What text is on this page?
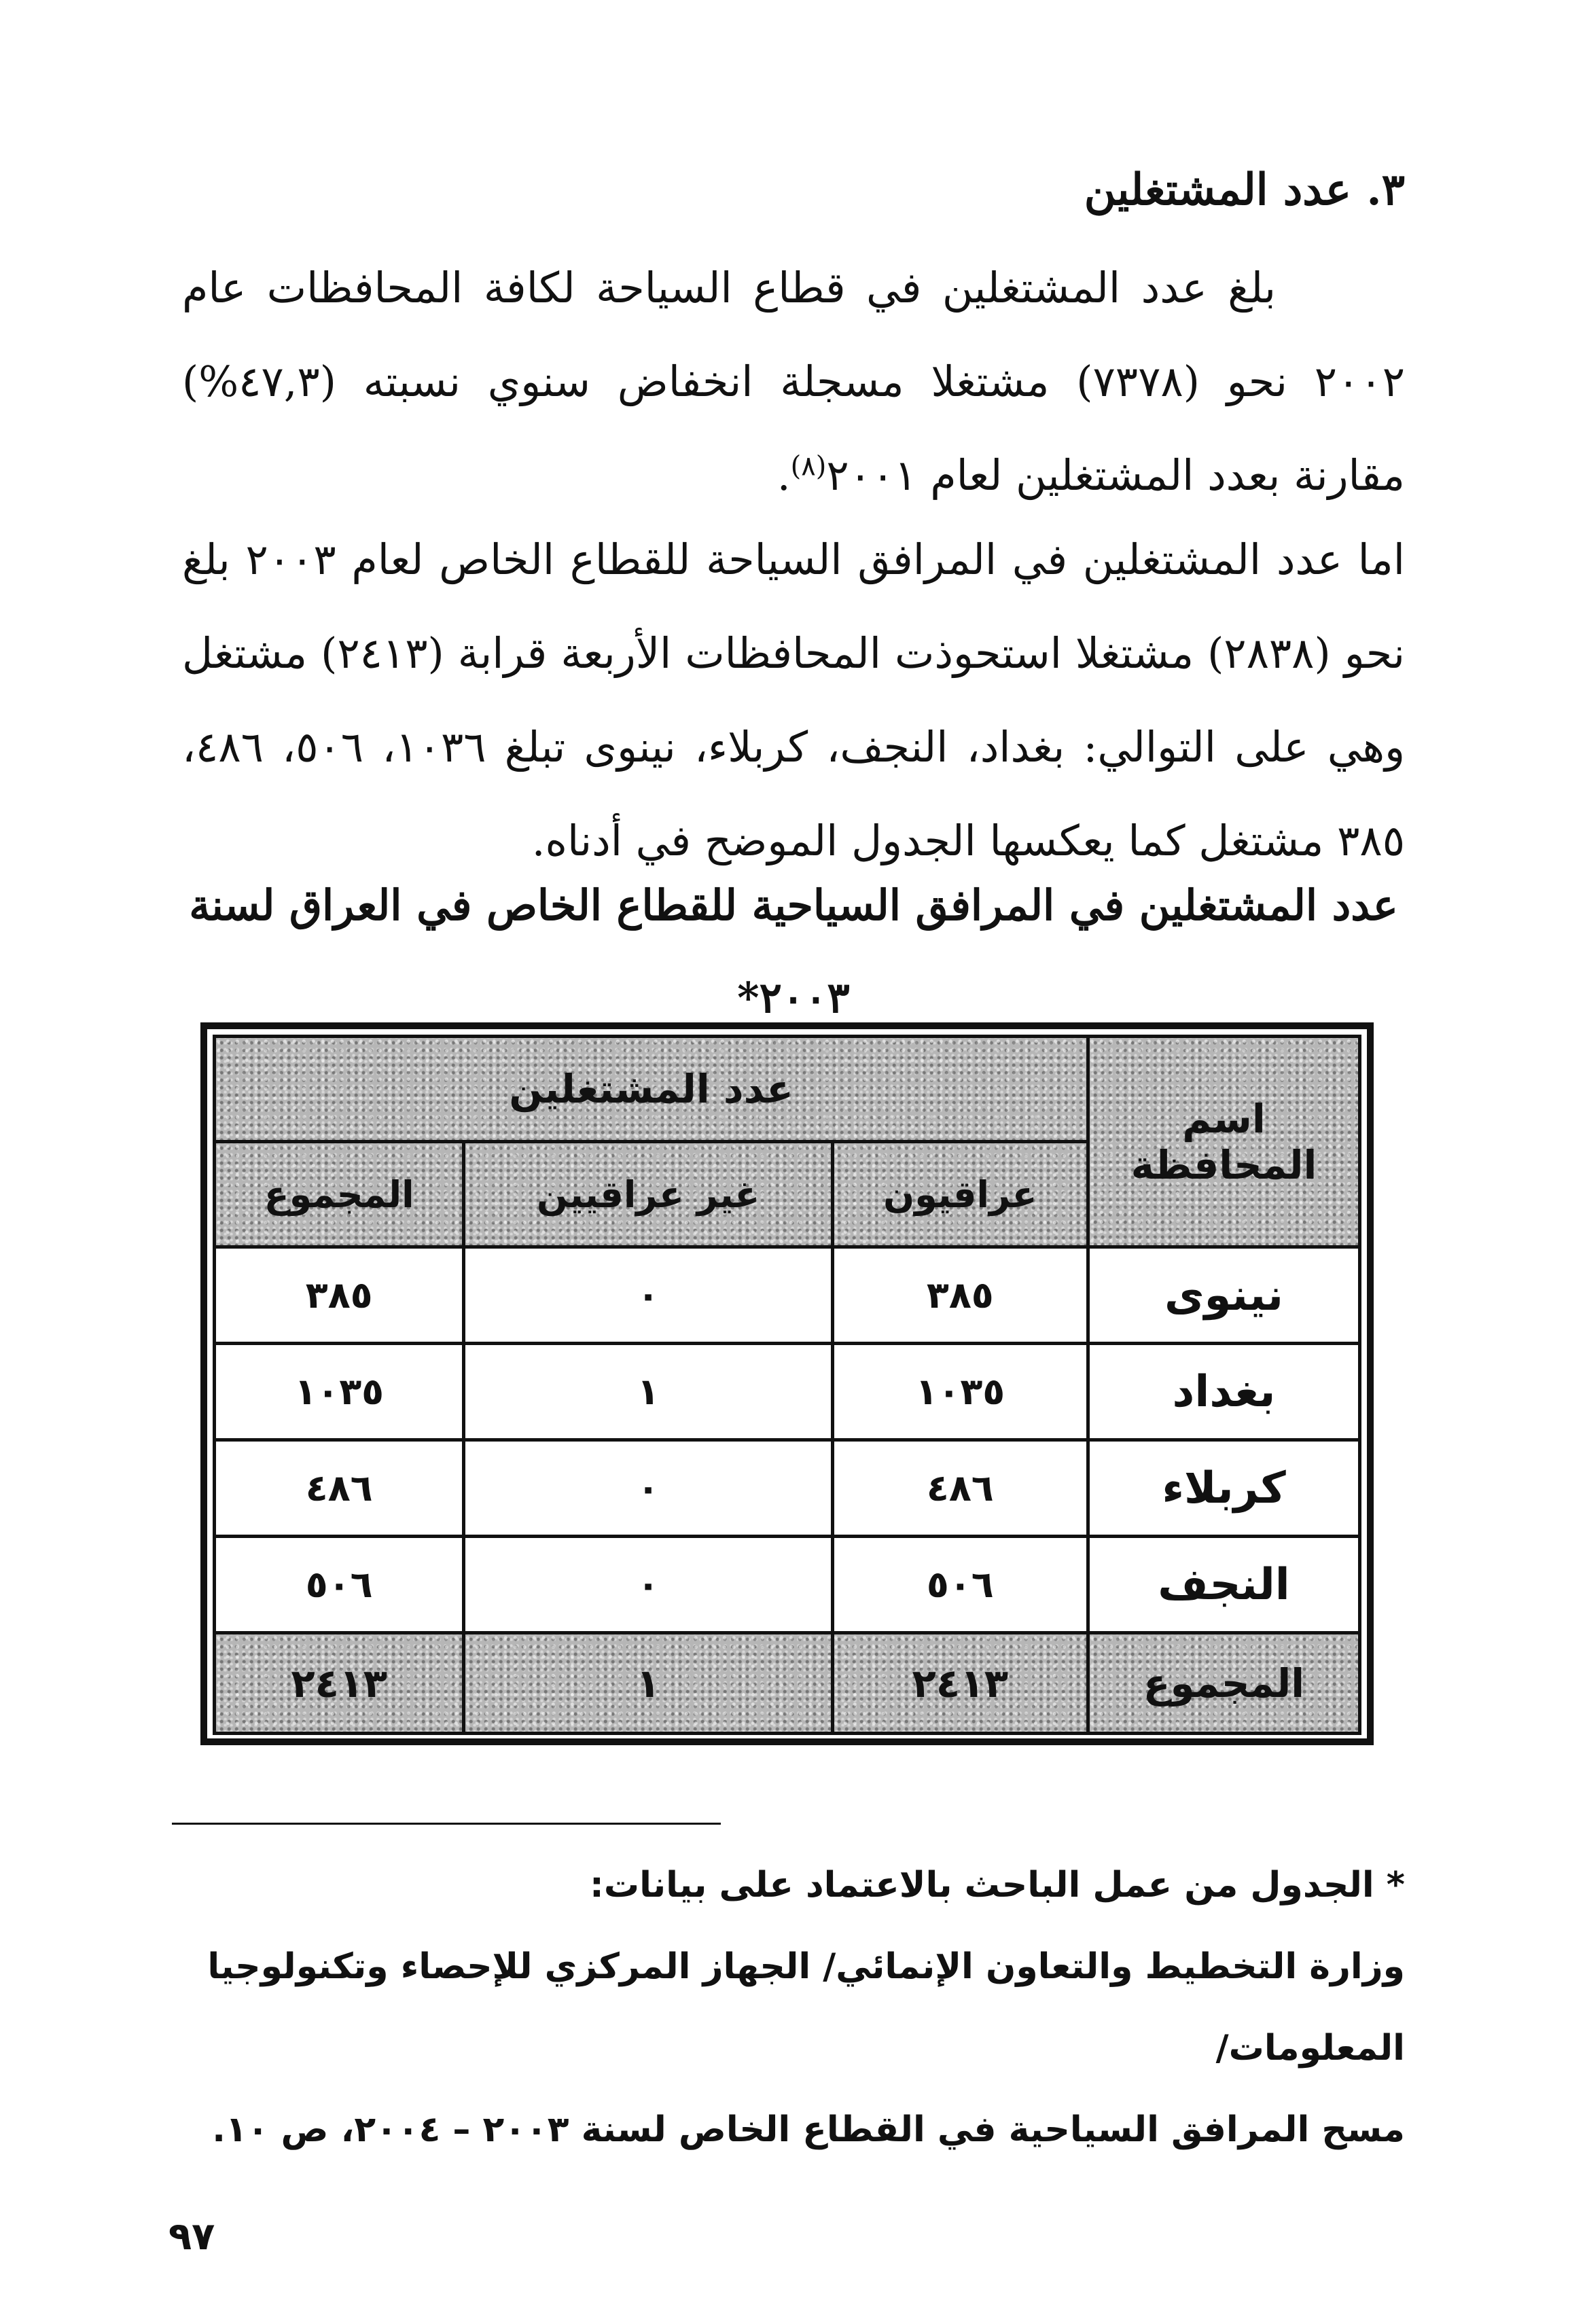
٣. عدد المشتغلين

بلغ عدد المشتغلين في قطاع السياحة لكافة المحافظات عام ٢٠٠٢ نحو (٧٣٧٨) مشتغلا مسجلة انخفاض سنوي نسبته (٤٧,٣%) مقارنة بعدد المشتغلين لعام ٢٠٠١$^{(٨)}$.

اما عدد المشتغلين في المرافق السياحة للقطاع الخاص لعام ٢٠٠٣ بلغ نحو (٢٨٣٨) مشتغلا استحوذت المحافظات الأربعة قرابة (٢٤١٣) مشتغل وهي على التوالي: بغداد، النجف، كربلاء، نينوى تبلغ ١٠٣٦، ٥٠٦، ٤٨٦، ٣٨٥ مشتغل كما يعكسها الجدول الموضح في أدناه.

عدد المشتغلين في المرافق السياحية للقطاع الخاص في العراق لسنة ٢٠٠٣*
اسم المحافظة	عدد المشتغلين		
	عراقيون	غير عراقيين	المجموع
نينوى	٣٨٥	٠	٣٨٥
بغداد	١٠٣٥	١	١٠٣٥
كربلاء	٤٨٦	٠	٤٨٦
النجف	٥٠٦	٠	٥٠٦
المجموع	٢٤١٣	١	٢٤١٣

* الجدول من عمل الباحث بالاعتماد على بيانات:

وزارة التخطيط والتعاون الإنمائي/ الجهاز المركزي للإحصاء وتكنولوجيا المعلومات/

مسح المرافق السياحية في القطاع الخاص لسنة ٢٠٠٣ – ٢٠٠٤، ص ١٠.

٩٧
